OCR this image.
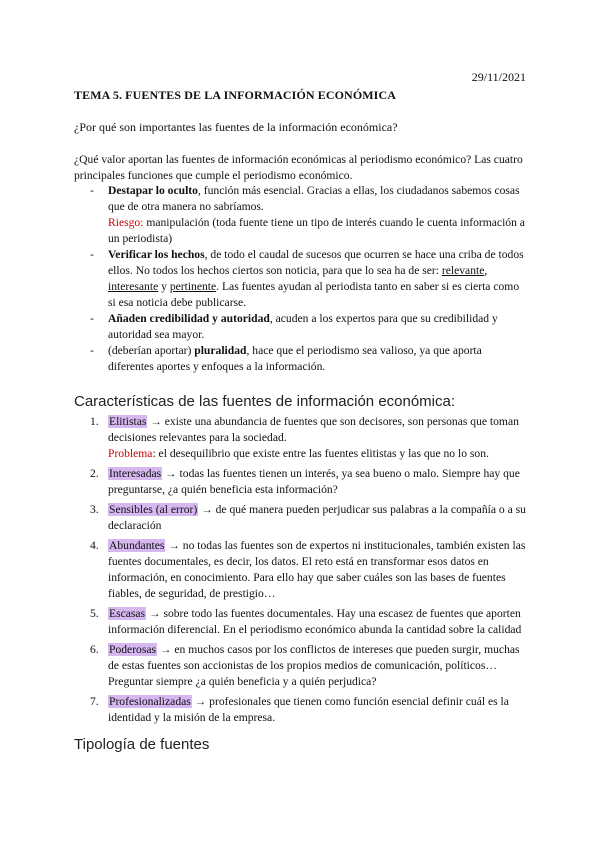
29/11/2021
TEMA 5. FUENTES DE LA INFORMACIÓN ECONÓMICA
¿Por qué son importantes las fuentes de la información económica?
¿Qué valor aportan las fuentes de información económicas al periodismo económico? Las cuatro principales funciones que cumple el periodismo económico.
- Destapar lo oculto, función más esencial. Gracias a ellas, los ciudadanos sabemos cosas que de otra manera no sabríamos.
Riesgo: manipulación (toda fuente tiene un tipo de interés cuando le cuenta información a un periodista)
- Verificar los hechos, de todo el caudal de sucesos que ocurren se hace una criba de todos ellos. No todos los hechos ciertos son noticia, para que lo sea ha de ser: relevante, interesante y pertinente. Las fuentes ayudan al periodista tanto en saber si es cierta como si esa noticia debe publicarse.
- Añaden credibilidad y autoridad, acuden a los expertos para que su credibilidad y autoridad sea mayor.
- (deberían aportar) pluralidad, hace que el periodismo sea valioso, ya que aporta diferentes aportes y enfoques a la información.
Características de las fuentes de información económica:
1. Elitistas → existe una abundancia de fuentes que son decisores, son personas que toman decisiones relevantes para la sociedad.
Problema: el desequilibrio que existe entre las fuentes elitistas y las que no lo son.
2. Interesadas → todas las fuentes tienen un interés, ya sea bueno o malo. Siempre hay que preguntarse, ¿a quién beneficia esta información?
3. Sensibles (al error) → de qué manera pueden perjudicar sus palabras a la compañía o a su declaración
4. Abundantes → no todas las fuentes son de expertos ni institucionales, también existen las fuentes documentales, es decir, los datos. El reto está en transformar esos datos en información, en conocimiento. Para ello hay que saber cuáles son las bases de fuentes fiables, de seguridad, de prestigio…
5. Escasas → sobre todo las fuentes documentales. Hay una escasez de fuentes que aporten información diferencial. En el periodismo económico abunda la cantidad sobre la calidad
6. Poderosas → en muchos casos por los conflictos de intereses que pueden surgir, muchas de estas fuentes son accionistas de los propios medios de comunicación, políticos… Preguntar siempre ¿a quién beneficia y a quién perjudica?
7. Profesionalizadas → profesionales que tienen como función esencial definir cuál es la identidad y la misión de la empresa.
Tipología de fuentes
